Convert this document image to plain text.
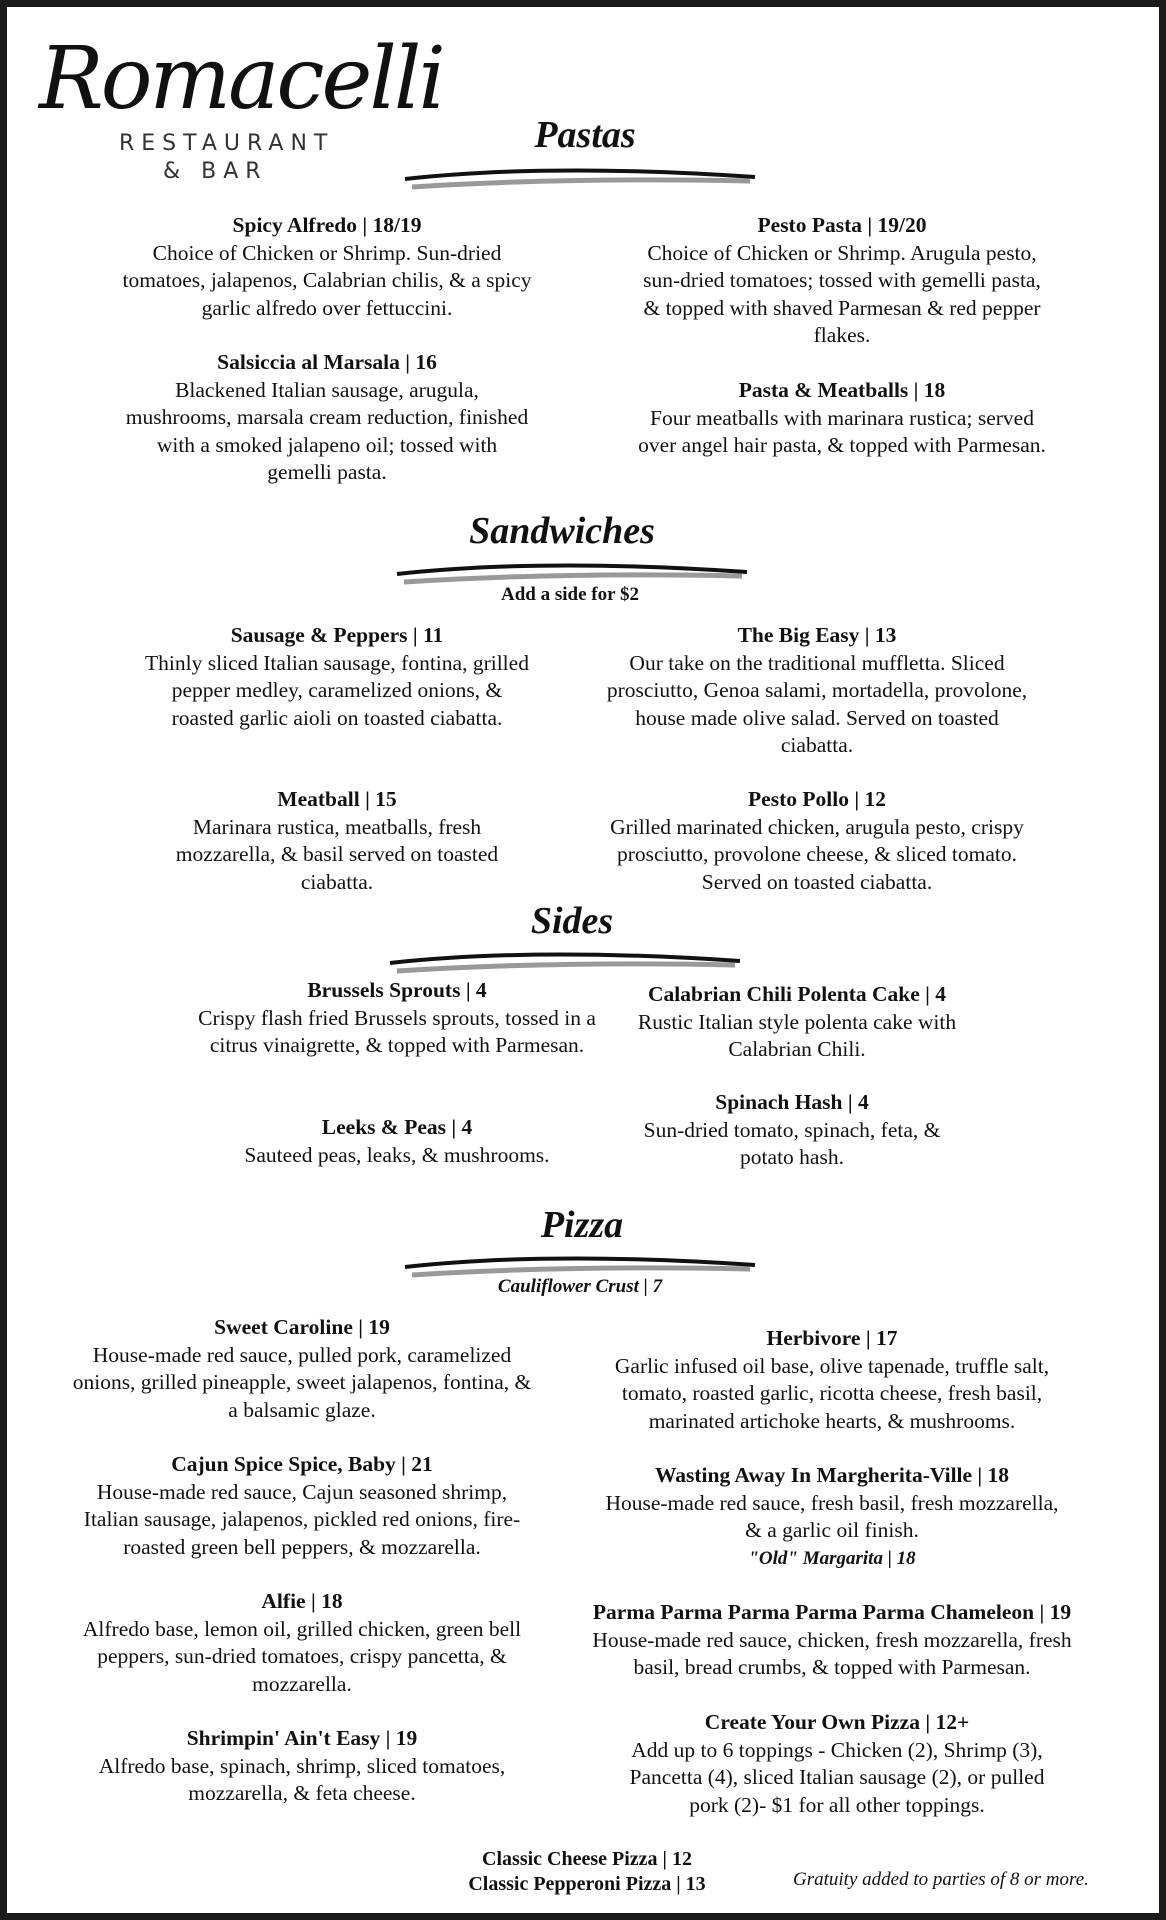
Romacelli
RESTAURANT
& BAR
Pastas
Spicy Alfredo | 18/19
Choice of Chicken or Shrimp. Sun-dried tomatoes, jalapenos, Calabrian chilis, & a spicy garlic alfredo over fettuccini.
Salsiccia al Marsala | 16
Blackened Italian sausage, arugula, mushrooms, marsala cream reduction, finished with a smoked jalapeno oil; tossed with gemelli pasta.
Pesto Pasta | 19/20
Choice of Chicken or Shrimp. Arugula pesto, sun-dried tomatoes; tossed with gemelli pasta, & topped with shaved Parmesan & red pepper flakes.
Pasta & Meatballs | 18
Four meatballs with marinara rustica; served over angel hair pasta, & topped with Parmesan.
Sandwiches
Add a side for $2
Sausage & Peppers | 11
Thinly sliced Italian sausage, fontina, grilled pepper medley, caramelized onions, & roasted garlic aioli on toasted ciabatta.
Meatball | 15
Marinara rustica, meatballs, fresh mozzarella, & basil served on toasted ciabatta.
The Big Easy | 13
Our take on the traditional muffletta. Sliced prosciutto, Genoa salami, mortadella, provolone, house made olive salad. Served on toasted ciabatta.
Pesto Pollo | 12
Grilled marinated chicken, arugula pesto, crispy prosciutto, provolone cheese, & sliced tomato. Served on toasted ciabatta.
Sides
Brussels Sprouts | 4
Crispy flash fried Brussels sprouts, tossed in a citrus vinaigrette, & topped with Parmesan.
Leeks & Peas | 4
Sauteed peas, leaks, & mushrooms.
Calabrian Chili Polenta Cake | 4
Rustic Italian style polenta cake with Calabrian Chili.
Spinach Hash | 4
Sun-dried tomato, spinach, feta, & potato hash.
Pizza
Cauliflower Crust | 7
Sweet Caroline | 19
House-made red sauce, pulled pork, caramelized onions, grilled pineapple, sweet jalapenos, fontina, & a balsamic glaze.
Cajun Spice Spice, Baby | 21
House-made red sauce, Cajun seasoned shrimp, Italian sausage, jalapenos, pickled red onions, fire-roasted green bell peppers, & mozzarella.
Alfie | 18
Alfredo base, lemon oil, grilled chicken, green bell peppers, sun-dried tomatoes, crispy pancetta, & mozzarella.
Shrimpin' Ain't Easy | 19
Alfredo base, spinach, shrimp, sliced tomatoes, mozzarella, & feta cheese.
Herbivore | 17
Garlic infused oil base, olive tapenade, truffle salt, tomato, roasted garlic, ricotta cheese, fresh basil, marinated artichoke hearts, & mushrooms.
Wasting Away In Margherita-Ville | 18
House-made red sauce, fresh basil, fresh mozzarella, & a garlic oil finish.
"Old" Margarita | 18
Parma Parma Parma Parma Parma Chameleon | 19
House-made red sauce, chicken, fresh mozzarella, fresh basil, bread crumbs, & topped with Parmesan.
Create Your Own Pizza | 12+
Add up to 6 toppings - Chicken (2), Shrimp (3), Pancetta (4), sliced Italian sausage (2), or pulled pork (2)- $1 for all other toppings.
Classic Cheese Pizza | 12
Classic Pepperoni Pizza | 13	Gratuity added to parties of 8 or more.
